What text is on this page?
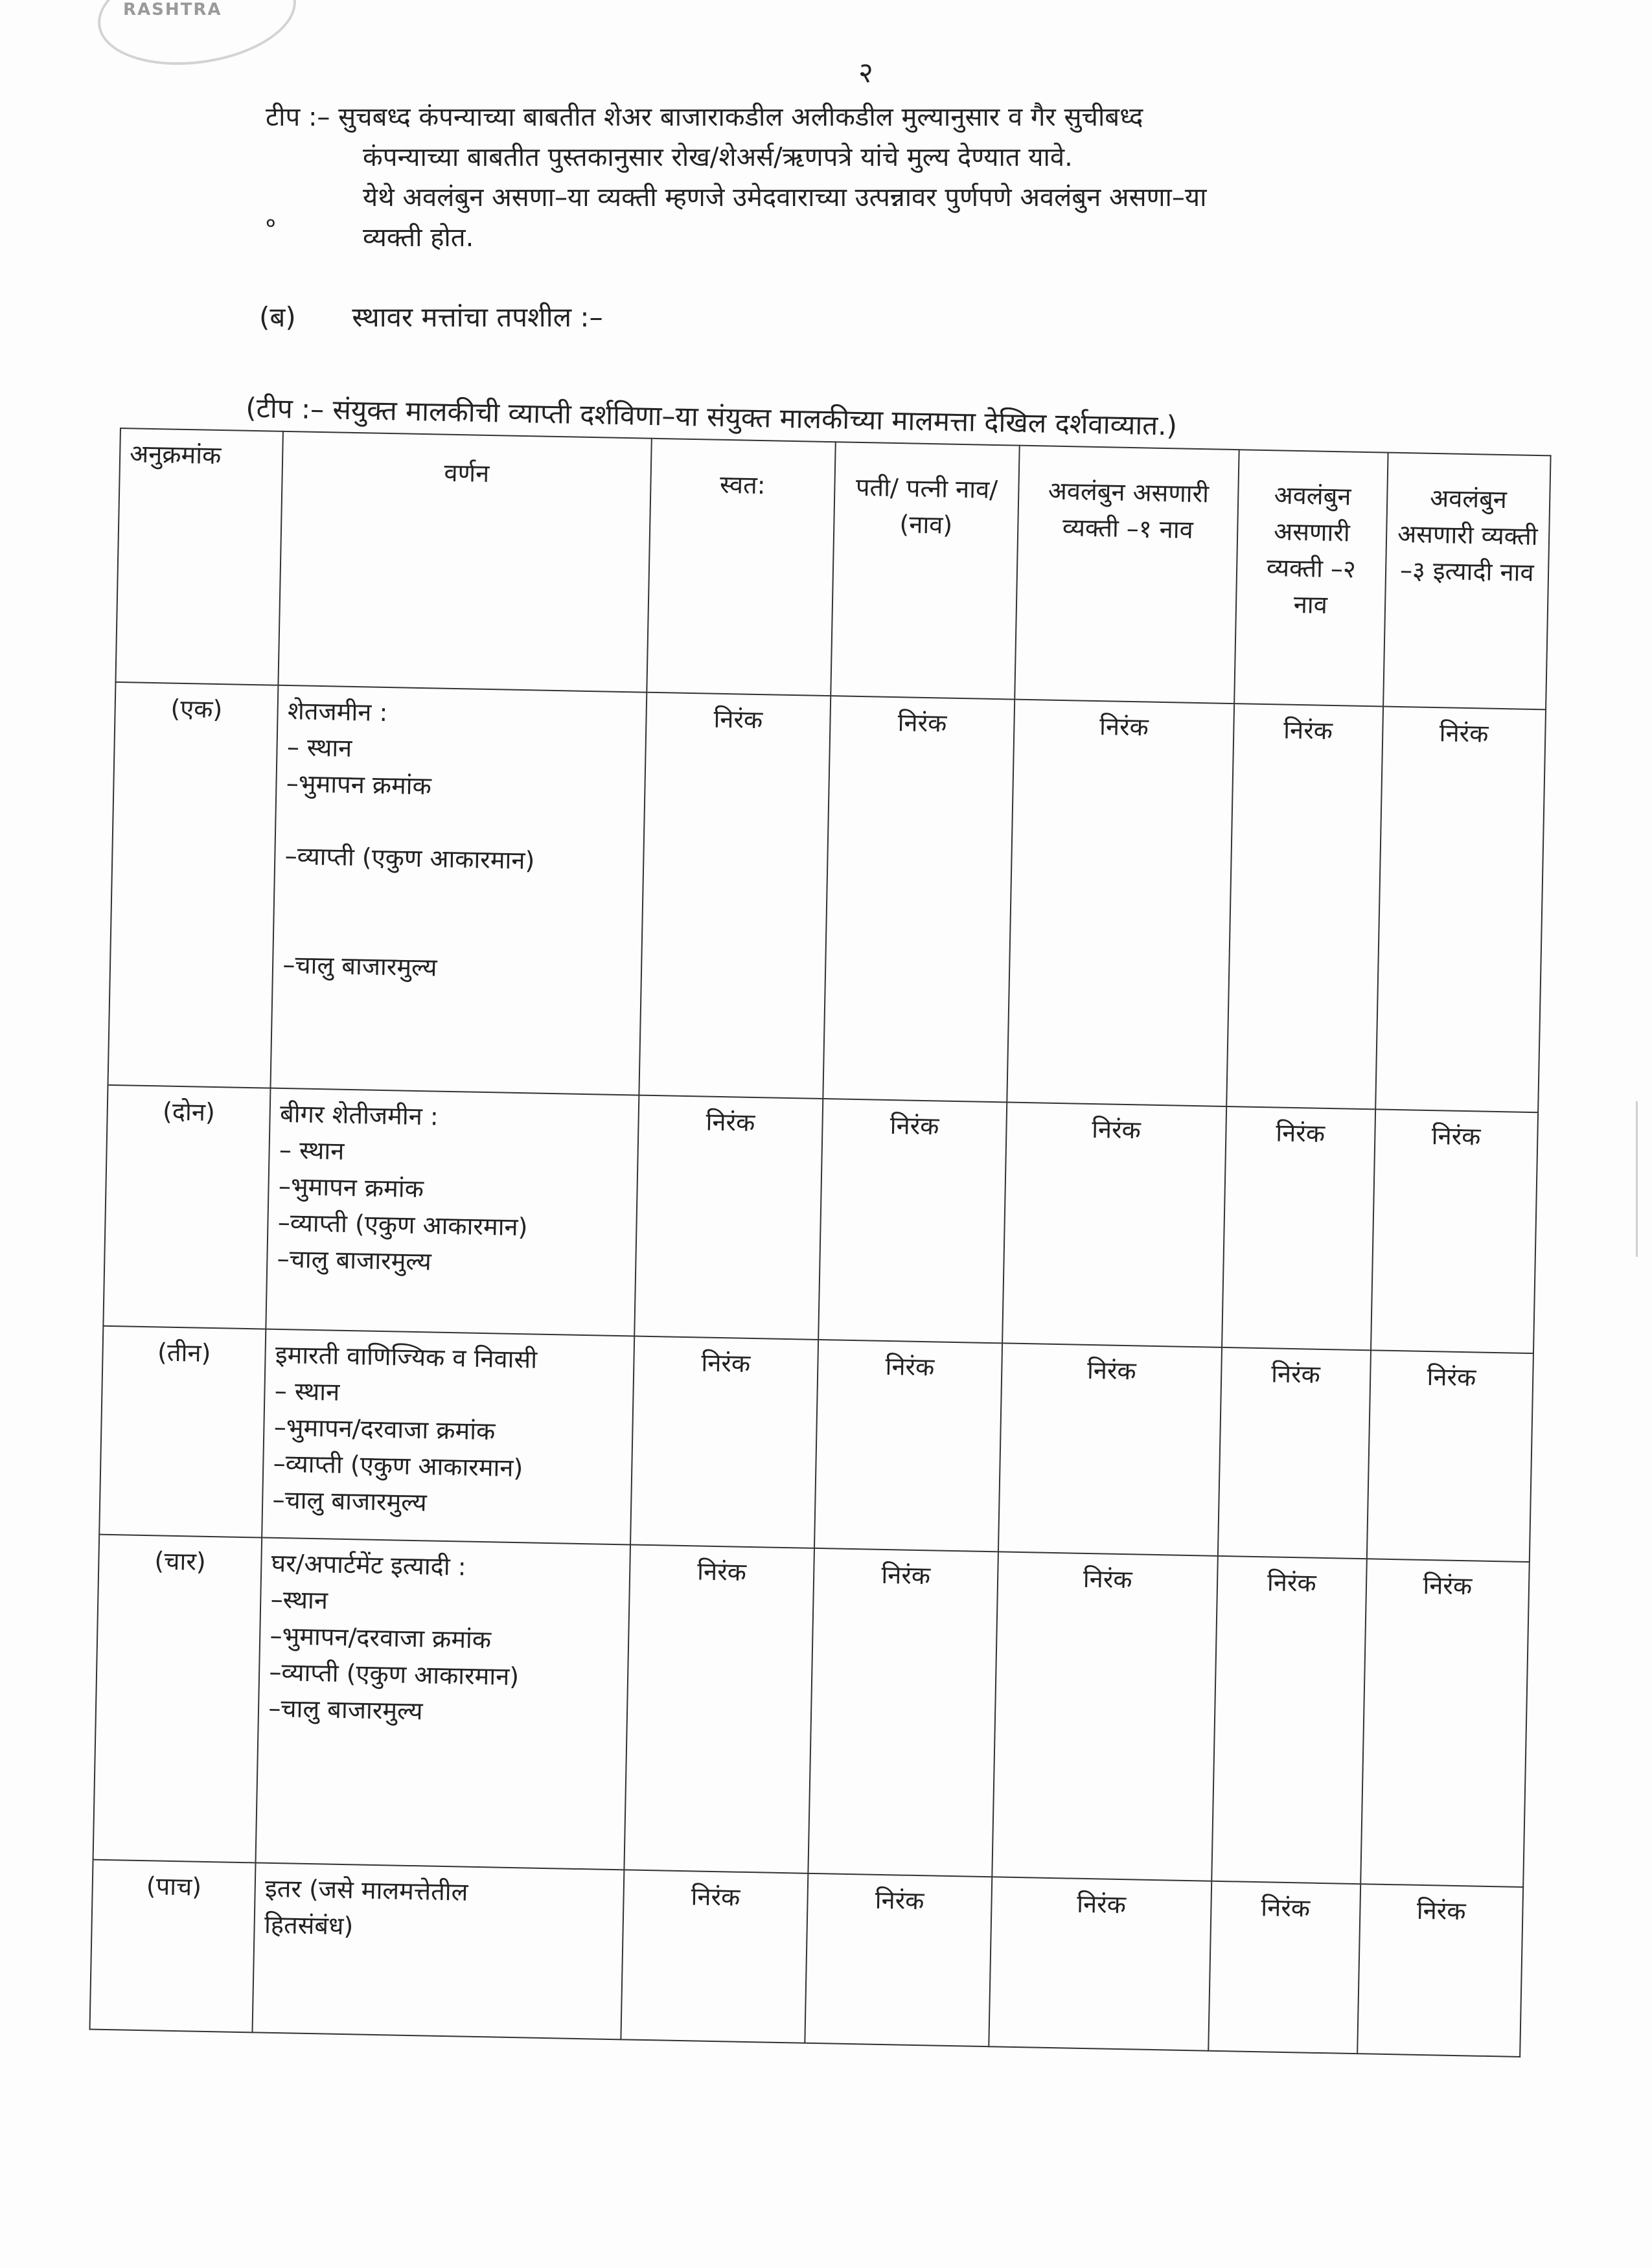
RASHTRA
२
टीप :– सुचबध्द कंपन्याच्या बाबतीत शेअर बाजाराकडील अलीकडील मुल्यानुसार व गैर सुचीबध्द
कंपन्याच्या बाबतीत पुस्तकानुसार रोख/शेअर्स/ऋणपत्रे यांचे मुल्य देण्यात यावे.
येथे अवलंबुन असणा–या व्यक्ती म्हणजे उमेदवाराच्या उत्पन्नावर पुर्णपणे अवलंबुन असणा–या
व्यक्ती होत.
०
(ब) स्थावर मत्तांचा तपशील :–
(टीप :– संयुक्त मालकीची व्याप्ती दर्शविणा–या संयुक्त मालकीच्या मालमत्ता देखिल दर्शवाव्यात.)
अनुक्रमांक	वर्णन	स्वत:	पती/ पत्नी नाव/ (नाव)	अवलंबुन असणारी व्यक्ती –१ नाव	अवलंबुन असणारी व्यक्ती –२ नाव	अवलंबुन असणारी व्यक्ती –३ इत्यादी नाव
(एक)	शेतजमीन :
– स्थान
–भुमापन क्रमांक
–व्याप्ती (एकुण आकारमान)
–चालु बाजारमुल्य	निरंक	निरंक	निरंक	निरंक	निरंक
(दोन)	बीगर शेतीजमीन :
– स्थान
–भुमापन क्रमांक
–व्याप्ती (एकुण आकारमान)
–चालु बाजारमुल्य	निरंक	निरंक	निरंक	निरंक	निरंक
(तीन)	इमारती वाणिज्यिक व निवासी
– स्थान
–भुमापन/दरवाजा क्रमांक
–व्याप्ती (एकुण आकारमान)
–चालु बाजारमुल्य	निरंक	निरंक	निरंक	निरंक	निरंक
(चार)	घर/अपार्टमेंट इत्यादी :
–स्थान
–भुमापन/दरवाजा क्रमांक
–व्याप्ती (एकुण आकारमान)
–चालु बाजारमुल्य	निरंक	निरंक	निरंक	निरंक	निरंक
(पाच)	इतर (जसे मालमत्तेतील
हितसंबंध)	निरंक	निरंक	निरंक	निरंक	निरंक
